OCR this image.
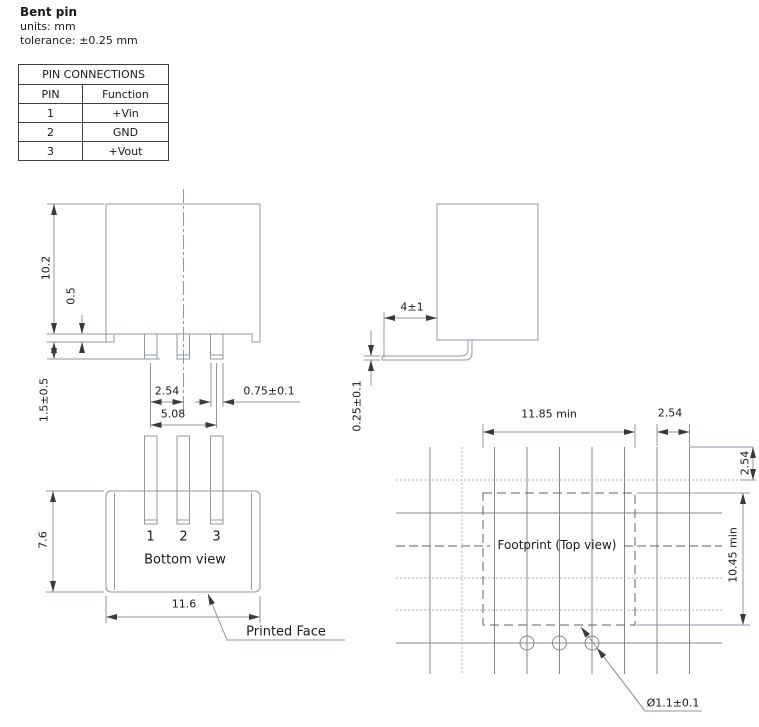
Bent pin
units: mm
tolerance: ±0.25 mm
PIN CONNECTIONS
PIN	Function
1	+Vin
2	GND
3	+Vout
10.2
0.5
1.5±0.5	2.54
5.08
0.75±0.1
1 2 3
Bottom view
7.6
11.6
Printed Face
4±1
0.25±0.1
Footprint (Top view)
11.85 min	2.54
2.54
10.45 min
Ø1.1±0.1
